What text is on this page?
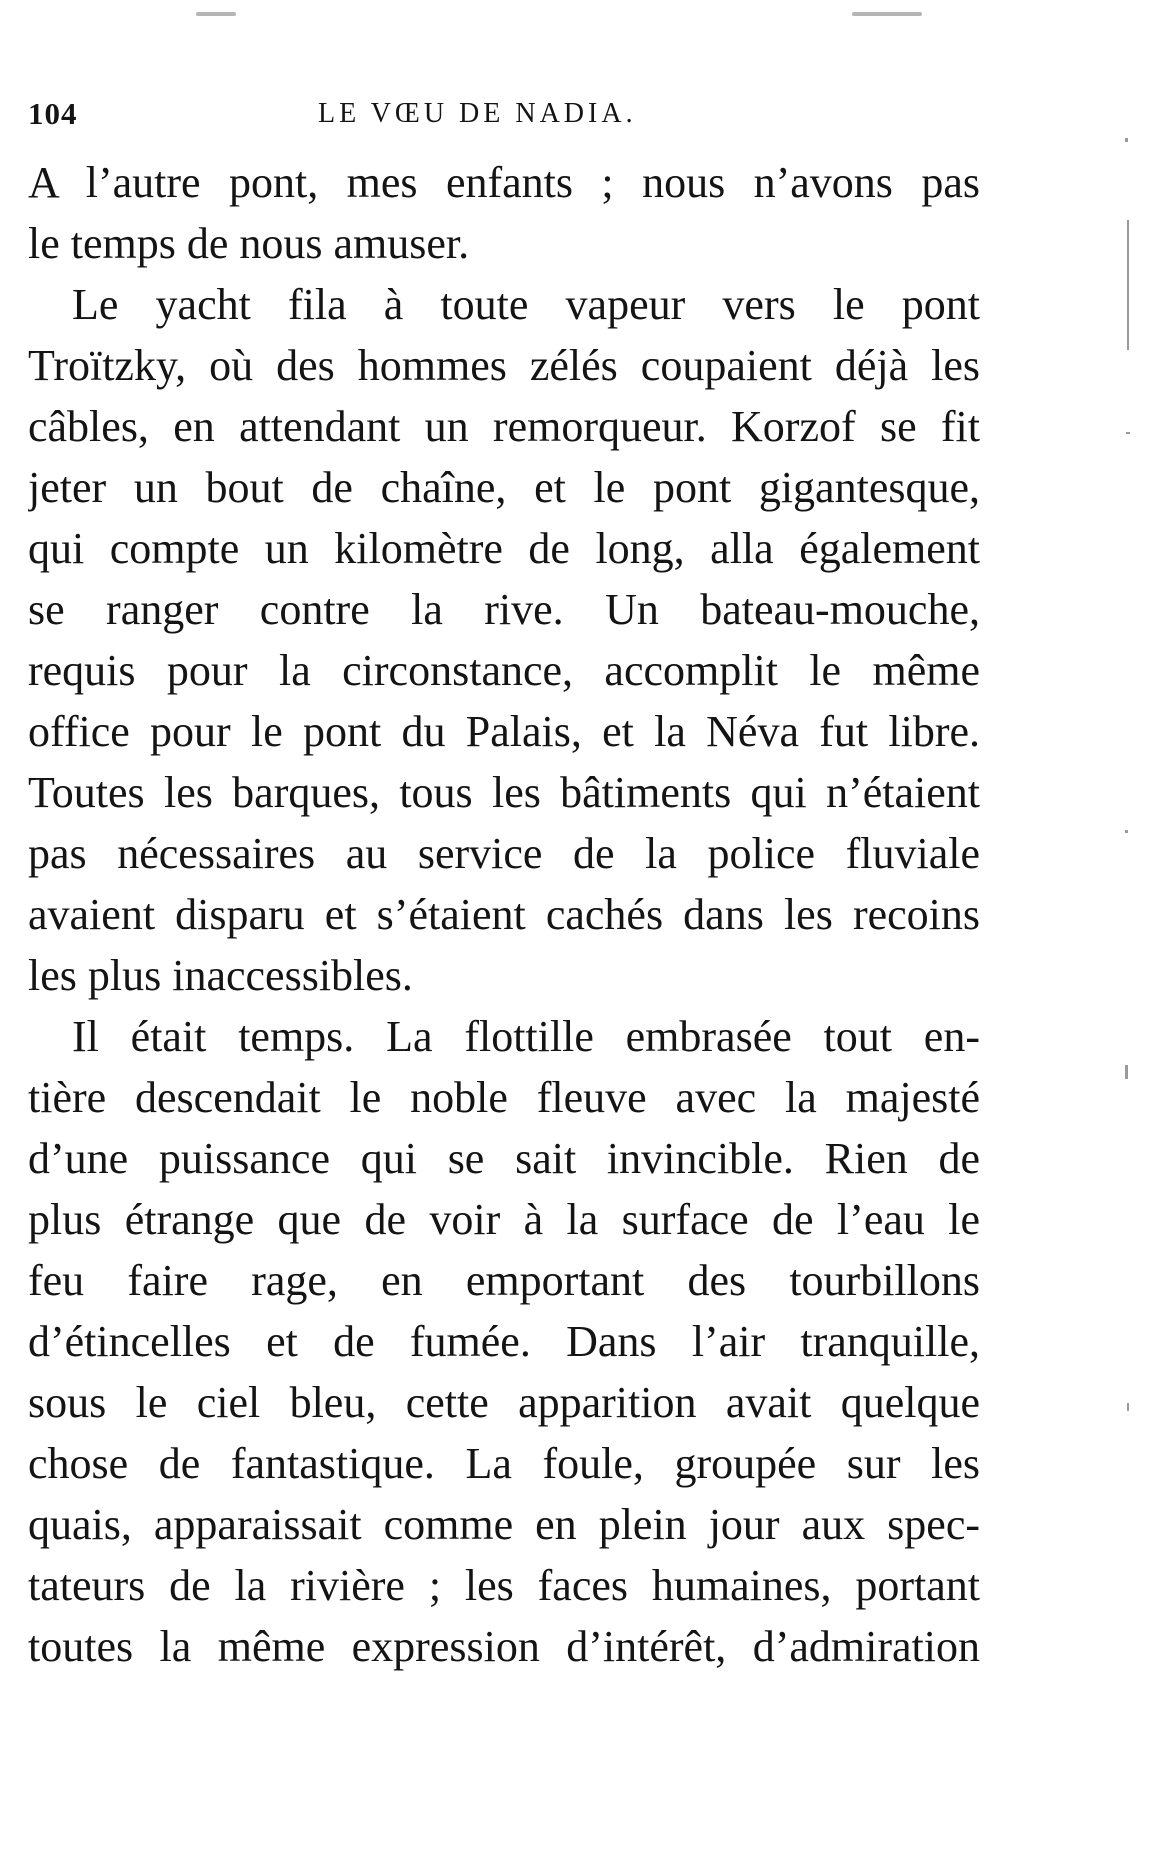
104	LE VŒU DE NADIA.
A l’autre pont, mes enfants ; nous n’avons pas
le temps de nous amuser.
Le yacht fila à toute vapeur vers le pont
Troïtzky, où des hommes zélés coupaient déjà les
câbles, en attendant un remorqueur. Korzof se fit
jeter un bout de chaîne, et le pont gigantesque,
qui compte un kilomètre de long, alla également
se ranger contre la rive. Un bateau-mouche,
requis pour la circonstance, accomplit le même
office pour le pont du Palais, et la Néva fut libre.
Toutes les barques, tous les bâtiments qui n’étaient
pas nécessaires au service de la police fluviale
avaient disparu et s’étaient cachés dans les recoins
les plus inaccessibles.
Il était temps. La flottille embrasée tout en-
tière descendait le noble fleuve avec la majesté
d’une puissance qui se sait invincible. Rien de
plus étrange que de voir à la surface de l’eau le
feu faire rage, en emportant des tourbillons
d’étincelles et de fumée. Dans l’air tranquille,
sous le ciel bleu, cette apparition avait quelque
chose de fantastique. La foule, groupée sur les
quais, apparaissait comme en plein jour aux spec-
tateurs de la rivière ; les faces humaines, portant
toutes la même expression d’intérêt, d’admiration
